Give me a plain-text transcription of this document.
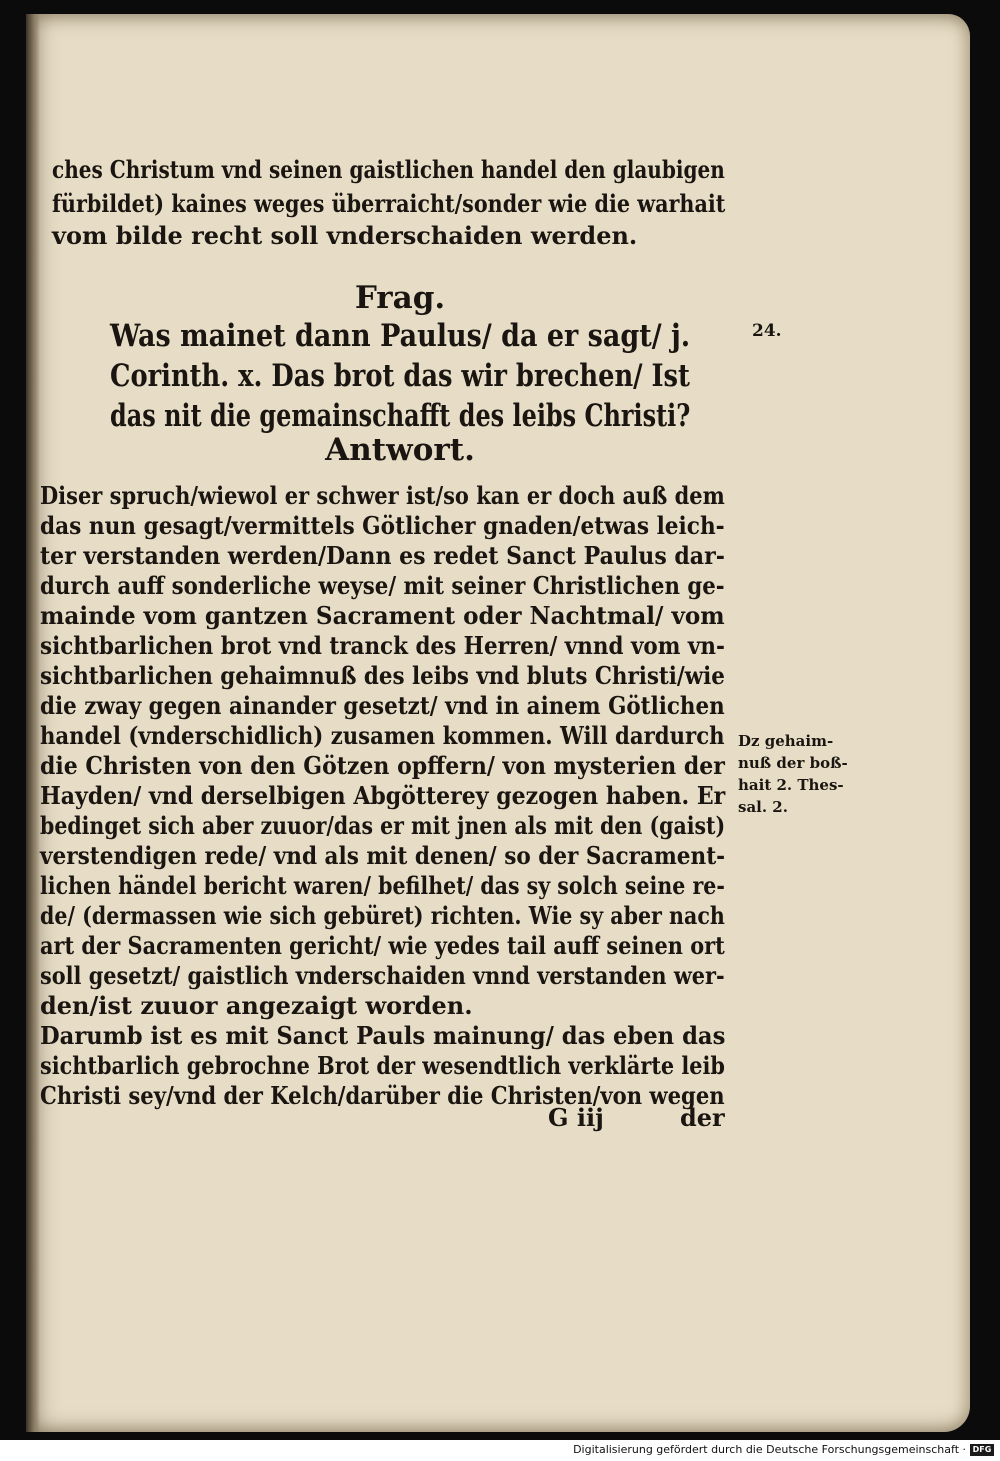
ches Christum vnd seinen gaistlichen handel den glaubigen
fürbildet) kaines weges überraicht/sonder wie die warhait
vom bilde recht soll vnderschaiden werden.
Frag.
Was mainet dann Paulus/ da er sagt/ j.
Corinth. x. Das brot das wir brechen/ Ist
das nit die gemainschafft des leibs Christi?
Antwort.
24.
Diser spruch/wiewol er schwer ist/so kan er doch auß dem
das nun gesagt/vermittels Götlicher gnaden/etwas leich-
ter verstanden werden/Dann es redet Sanct Paulus dar-
durch auff sonderliche weyse/ mit seiner Christlichen ge-
mainde vom gantzen Sacrament oder Nachtmal/ vom
sichtbarlichen brot vnd tranck des Herren/ vnnd vom vn-
sichtbarlichen gehaimnuß des leibs vnd bluts Christi/wie
die zway gegen ainander gesetzt/ vnd in ainem Götlichen
handel (vnderschidlich) zusamen kommen. Will dardurch
die Christen von den Götzen opffern/ von mysterien der
Hayden/ vnd derselbigen Abgötterey gezogen haben. Er
bedinget sich aber zuuor/das er mit jnen als mit den (gaist)
verstendigen rede/ vnd als mit denen/ so der Sacrament-
lichen händel bericht waren/ befilhet/ das sy solch seine re-
de/ (dermassen wie sich gebüret) richten. Wie sy aber nach
art der Sacramenten gericht/ wie yedes tail auff seinen ort
soll gesetzt/ gaistlich vnderschaiden vnnd verstanden wer-
den/ist zuuor angezaigt worden.
Darumb ist es mit Sanct Pauls mainung/ das eben das
sichtbarlich gebrochne Brot der wesendtlich verklärte leib
Christi sey/vnd der Kelch/darüber die Christen/von wegen
G iij	der
Dz gehaim-
nuß der boß-
hait 2. Thes-
sal. 2.
Digitalisierung gefördert durch die Deutsche Forschungsgemeinschaft · DFG
